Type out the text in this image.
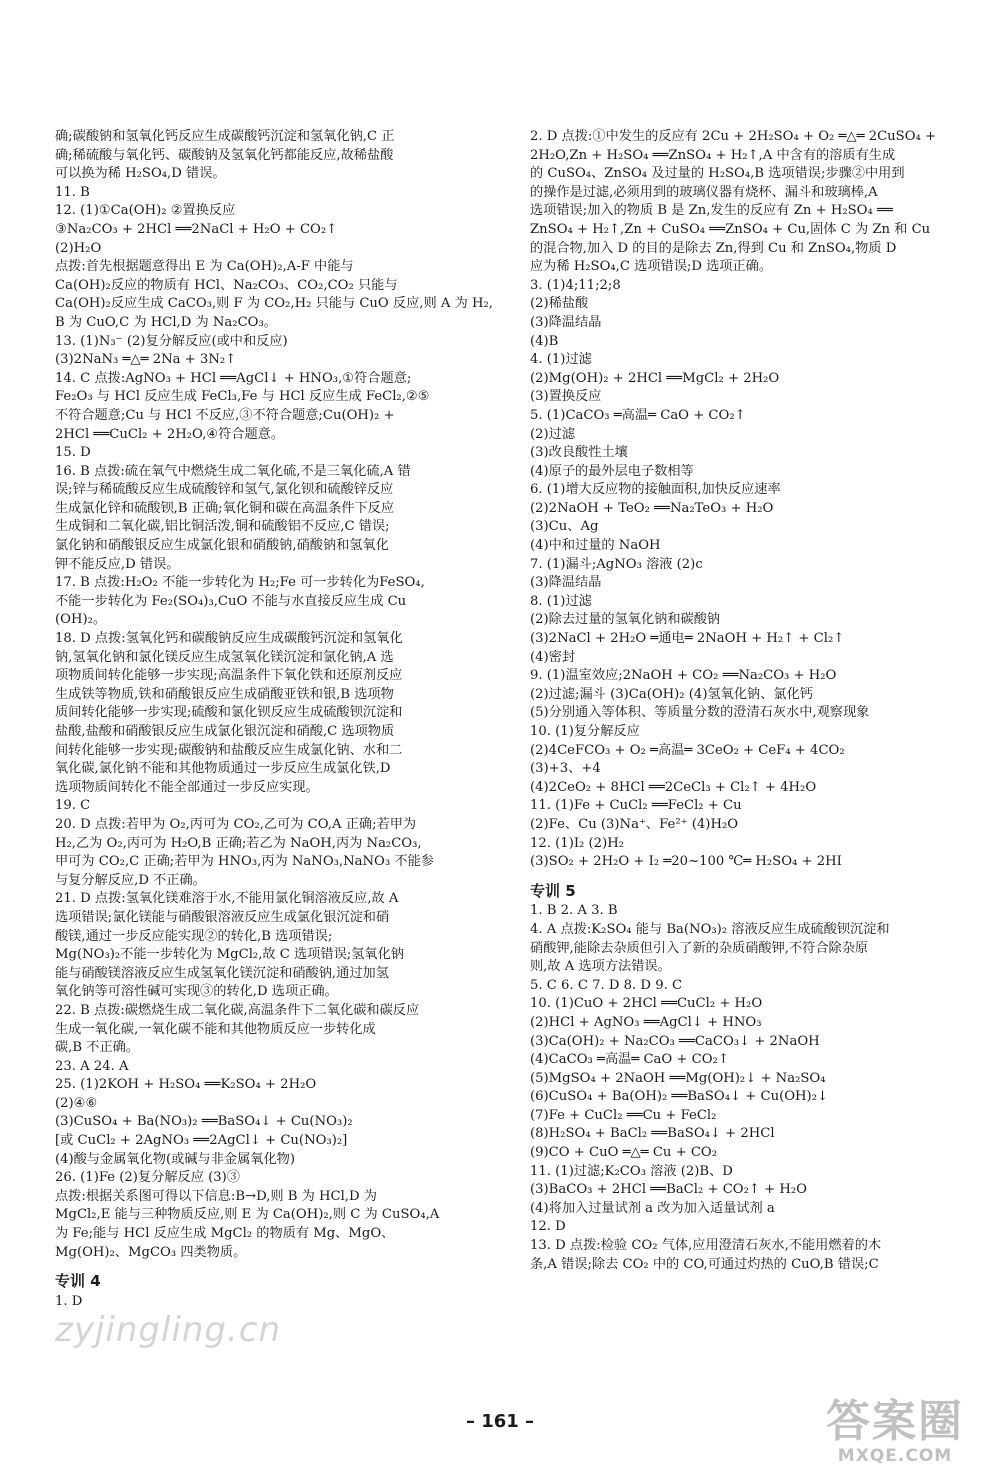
确;碳酸钠和氢氧化钙反应生成碳酸钙沉淀和氢氧化钠,C 正
确;稀硫酸与氧化钙、碳酸钠及氢氧化钙都能反应,故稀盐酸
可以换为稀 H₂SO₄,D 错误。
11. B
12. (1)①Ca(OH)₂ ②置换反应
③Na₂CO₃ + 2HCl ══2NaCl + H₂O + CO₂↑
(2)H₂O
点拨:首先根据题意得出 E 为 Ca(OH)₂,A-F 中能与
Ca(OH)₂反应的物质有 HCl、Na₂CO₃、CO₂,CO₂ 只能与
Ca(OH)₂反应生成 CaCO₃,则 F 为 CO₂,H₂ 只能与 CuO 反应,则 A 为 H₂,
B 为 CuO,C 为 HCl,D 为 Na₂CO₃。
13. (1)N₃⁻ (2)复分解反应(或中和反应)
(3)2NaN₃ ═△═ 2Na + 3N₂↑
14. C 点拨:AgNO₃ + HCl ══AgCl↓ + HNO₃,①符合题意;
Fe₂O₃ 与 HCl 反应生成 FeCl₃,Fe 与 HCl 反应生成 FeCl₂,②⑤
不符合题意;Cu 与 HCl 不反应,③不符合题意;Cu(OH)₂ +
2HCl ══CuCl₂ + 2H₂O,④符合题意。
15. D
16. B 点拨:硫在氧气中燃烧生成二氧化硫,不是三氧化硫,A 错
误;锌与稀硫酸反应生成硫酸锌和氢气,氯化钡和硫酸锌反应
生成氯化锌和硫酸钡,B 正确;氧化铜和碳在高温条件下反应
生成铜和二氧化碳,铝比铜活泼,铜和硫酸铝不反应,C 错误;
氯化钠和硝酸银反应生成氯化银和硝酸钠,硝酸钠和氢氧化
钾不能反应,D 错误。
17. B 点拨:H₂O₂ 不能一步转化为 H₂;Fe 可一步转化为FeSO₄,
不能一步转化为 Fe₂(SO₄)₃,CuO 不能与水直接反应生成 Cu
(OH)₂。
18. D 点拨:氢氧化钙和碳酸钠反应生成碳酸钙沉淀和氢氧化
钠,氢氧化钠和氯化镁反应生成氢氧化镁沉淀和氯化钠,A 选
项物质间转化能够一步实现;高温条件下氧化铁和还原剂反应
生成铁等物质,铁和硝酸银反应生成硝酸亚铁和银,B 选项物
质间转化能够一步实现;硫酸和氯化钡反应生成硫酸钡沉淀和
盐酸,盐酸和硝酸银反应生成氯化银沉淀和硝酸,C 选项物质
间转化能够一步实现;碳酸钠和盐酸反应生成氯化钠、水和二
氧化碳,氯化钠不能和其他物质通过一步反应生成氯化铁,D
选项物质间转化不能全部通过一步反应实现。
19. C
20. D 点拨:若甲为 O₂,丙可为 CO₂,乙可为 CO,A 正确;若甲为
H₂,乙为 O₂,丙可为 H₂O,B 正确;若乙为 NaOH,丙为 Na₂CO₃,
甲可为 CO₂,C 正确;若甲为 HNO₃,丙为 NaNO₃,NaNO₃ 不能参
与复分解反应,D 不正确。
21. D 点拨:氢氧化镁难溶于水,不能用氯化铜溶液反应,故 A
选项错误;氯化镁能与硝酸银溶液反应生成氯化银沉淀和硝
酸镁,通过一步反应能实现②的转化,B 选项错误;
Mg(NO₃)₂不能一步转化为 MgCl₂,故 C 选项错误;氢氧化钠
能与硝酸镁溶液反应生成氢氧化镁沉淀和硝酸钠,通过加氢
氧化钠等可溶性碱可实现③的转化,D 选项正确。
22. B 点拨:碳燃烧生成二氧化碳,高温条件下二氧化碳和碳反应
生成一氧化碳,一氧化碳不能和其他物质反应一步转化成
碳,B 不正确。
23. A 24. A
25. (1)2KOH + H₂SO₄ ══K₂SO₄ + 2H₂O
(2)④⑥
(3)CuSO₄ + Ba(NO₃)₂ ══BaSO₄↓ + Cu(NO₃)₂
[或 CuCl₂ + 2AgNO₃ ══2AgCl↓ + Cu(NO₃)₂]
(4)酸与金属氧化物(或碱与非金属氧化物)
26. (1)Fe (2)复分解反应 (3)③
点拨:根据关系图可得以下信息:B→D,则 B 为 HCl,D 为
MgCl₂,E 能与三种物质反应,则 E 为 Ca(OH)₂,则 C 为 CuSO₄,A
为 Fe;能与 HCl 反应生成 MgCl₂ 的物质有 Mg、MgO、
Mg(OH)₂、MgCO₃ 四类物质。
专训 4
1. D
2. D 点拨:①中发生的反应有 2Cu + 2H₂SO₄ + O₂ ═△═ 2CuSO₄ +
2H₂O,Zn + H₂SO₄ ══ZnSO₄ + H₂↑,A 中含有的溶质有生成
的 CuSO₄、ZnSO₄ 及过量的 H₂SO₄,B 选项错误;步骤②中用到
的操作是过滤,必须用到的玻璃仪器有烧杯、漏斗和玻璃棒,A
选项错误;加入的物质 B 是 Zn,发生的反应有 Zn + H₂SO₄ ══
ZnSO₄ + H₂↑,Zn + CuSO₄ ══ZnSO₄ + Cu,固体 C 为 Zn 和 Cu
的混合物,加入 D 的目的是除去 Zn,得到 Cu 和 ZnSO₄,物质 D
应为稀 H₂SO₄,C 选项错误;D 选项正确。
3. (1)4;11;2;8
(2)稀盐酸
(3)降温结晶
(4)B
4. (1)过滤
(2)Mg(OH)₂ + 2HCl ══MgCl₂ + 2H₂O
(3)置换反应
5. (1)CaCO₃ ═高温═ CaO + CO₂↑
(2)过滤
(3)改良酸性土壤
(4)原子的最外层电子数相等
6. (1)增大反应物的接触面积,加快反应速率
(2)2NaOH + TeO₂ ══Na₂TeO₃ + H₂O
(3)Cu、Ag
(4)中和过量的 NaOH
7. (1)漏斗;AgNO₃ 溶液 (2)c
(3)降温结晶
8. (1)过滤
(2)除去过量的氢氧化钠和碳酸钠
(3)2NaCl + 2H₂O ═通电═ 2NaOH + H₂↑ + Cl₂↑
(4)密封
9. (1)温室效应;2NaOH + CO₂ ══Na₂CO₃ + H₂O
(2)过滤;漏斗 (3)Ca(OH)₂ (4)氢氧化钠、氯化钙
(5)分别通入等体积、等质量分数的澄清石灰水中,观察现象
10. (1)复分解反应
(2)4CeFCO₃ + O₂ ═高温═ 3CeO₂ + CeF₄ + 4CO₂
(3)+3、+4
(4)2CeO₂ + 8HCl ══2CeCl₃ + Cl₂↑ + 4H₂O
11. (1)Fe + CuCl₂ ══FeCl₂ + Cu
(2)Fe、Cu (3)Na⁺、Fe²⁺ (4)H₂O
12. (1)I₂ (2)H₂
(3)SO₂ + 2H₂O + I₂ ═20~100 ℃═ H₂SO₄ + 2HI
专训 5
1. B 2. A 3. B
4. A 点拨:K₂SO₄ 能与 Ba(NO₃)₂ 溶液反应生成硫酸钡沉淀和
硝酸钾,能除去杂质但引入了新的杂质硝酸钾,不符合除杂原
则,故 A 选项方法错误。
5. C 6. C 7. D 8. D 9. C
10. (1)CuO + 2HCl ══CuCl₂ + H₂O
(2)HCl + AgNO₃ ══AgCl↓ + HNO₃
(3)Ca(OH)₂ + Na₂CO₃ ══CaCO₃↓ + 2NaOH
(4)CaCO₃ ═高温═ CaO + CO₂↑
(5)MgSO₄ + 2NaOH ══Mg(OH)₂↓ + Na₂SO₄
(6)CuSO₄ + Ba(OH)₂ ══BaSO₄↓ + Cu(OH)₂↓
(7)Fe + CuCl₂ ══Cu + FeCl₂
(8)H₂SO₄ + BaCl₂ ══BaSO₄↓ + 2HCl
(9)CO + CuO ═△═ Cu + CO₂
11. (1)过滤;K₂CO₃ 溶液 (2)B、D
(3)BaCO₃ + 2HCl ══BaCl₂ + CO₂↑ + H₂O
(4)将加入过量试剂 a 改为加入适量试剂 a
12. D
13. D 点拨:检验 CO₂ 气体,应用澄清石灰水,不能用燃着的木
条,A 错误;除去 CO₂ 中的 CO,可通过灼热的 CuO,B 错误;C
– 161 –
zyjingling.cn
答案圈
MXQE.COM
